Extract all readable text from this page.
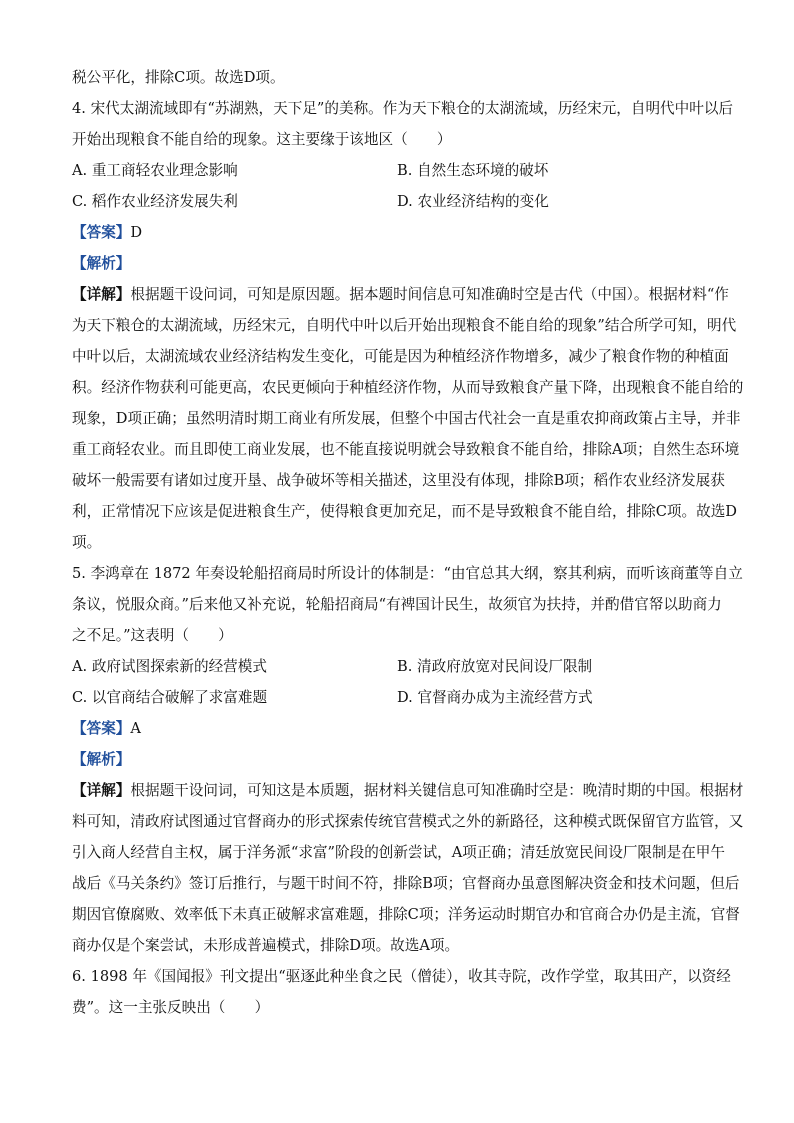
税公平化，排除C项。故选D项。
4. 宋代太湖流域即有“苏湖熟，天下足”的美称。作为天下粮仓的太湖流域，历经宋元，自明代中叶以后
开始出现粮食不能自给的现象。这主要缘于该地区（　　）
A. 重工商轻农业理念影响	B. 自然生态环境的破坏
C. 稻作农业经济发展失利	D. 农业经济结构的变化
【答案】D
【解析】
【详解】根据题干设问词，可知是原因题。据本题时间信息可知准确时空是古代（中国）。根据材料“作
为天下粮仓的太湖流域，历经宋元，自明代中叶以后开始出现粮食不能自给的现象”结合所学可知，明代
中叶以后，太湖流域农业经济结构发生变化，可能是因为种植经济作物增多，减少了粮食作物的种植面
积。经济作物获利可能更高，农民更倾向于种植经济作物，从而导致粮食产量下降，出现粮食不能自给的
现象，D项正确；虽然明清时期工商业有所发展，但整个中国古代社会一直是重农抑商政策占主导，并非
重工商轻农业。而且即使工商业发展，也不能直接说明就会导致粮食不能自给，排除A项；自然生态环境
破坏一般需要有诸如过度开垦、战争破坏等相关描述，这里没有体现，排除B项；稻作农业经济发展获
利，正常情况下应该是促进粮食生产，使得粮食更加充足，而不是导致粮食不能自给，排除C项。故选D
项。
5. 李鸿章在 1872 年奏设轮船招商局时所设计的体制是：“由官总其大纲，察其利病，而听该商董等自立
条议，悦服众商。”后来他又补充说，轮船招商局“有裨国计民生，故须官为扶持，并酌借官帑以助商力
之不足。”这表明（　　）
A. 政府试图探索新的经营模式	B. 清政府放宽对民间设厂限制
C. 以官商结合破解了求富难题	D. 官督商办成为主流经营方式
【答案】A
【解析】
【详解】根据题干设问词，可知这是本质题，据材料关键信息可知准确时空是：晚清时期的中国。根据材
料可知，清政府试图通过官督商办的形式探索传统官营模式之外的新路径，这种模式既保留官方监管，又
引入商人经营自主权，属于洋务派“求富”阶段的创新尝试，A项正确；清廷放宽民间设厂限制是在甲午
战后《马关条约》签订后推行，与题干时间不符，排除B项；官督商办虽意图解决资金和技术问题，但后
期因官僚腐败、效率低下未真正破解求富难题，排除C项；洋务运动时期官办和官商合办仍是主流，官督
商办仅是个案尝试，未形成普遍模式，排除D项。故选A项。
6. 1898 年《国闻报》刊文提出“驱逐此种坐食之民（僧徒），收其寺院，改作学堂，取其田产，以资经
费”。这一主张反映出（　　）
